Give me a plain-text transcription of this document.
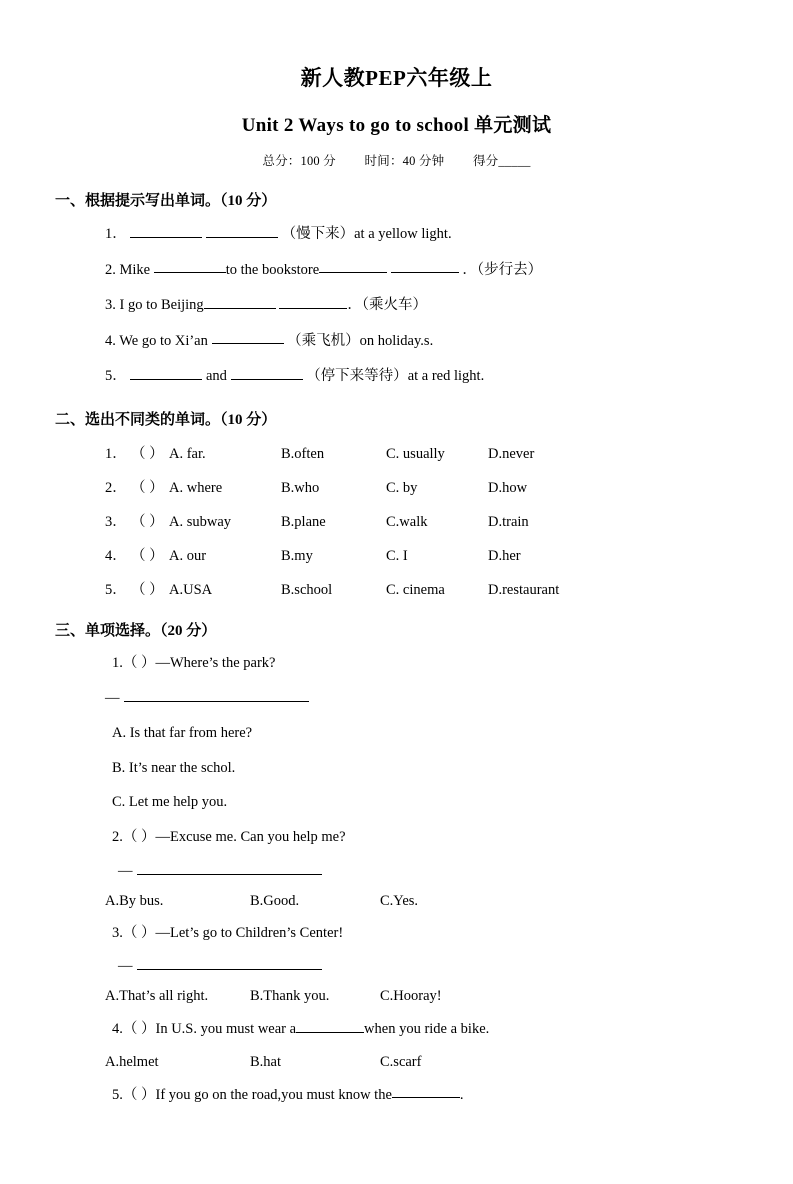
新人教PEP六年级上
Unit 2 Ways to go to school 单元测试
总分：100 分 时间：40 分钟 得分_____
一、根据提示写出单词。（10 分）
1．	（慢下来）at a yellow light.
2. Mike	to the bookstore	．（步行去）
3. I go to Beijing	．（乘火车）
4. We go to Xi’an	（乘飞机）on holiday.s.
5．	and	（停下来等待）at a red light.
二、选出不同类的单词。（10 分）
1． （ ） A. far.	B.often	C. usually	D.never
2． （ ） A. where	B.who	C. by	D.how
3． （ ） A. subway	B.plane	C.walk	D.train
4． （ ） A. our	B.my	C. I	D.her
5． （ ） A.USA	B.school	C. cinema	D.restaurant
三、单项选择。（20 分）
1.（ ）—Where’s the park?
—
A. Is that far from here?
B. It’s near the schol.
C. Let me help you.
2.（ ）—Excuse me. Can you help me?
—
A.By bus.	B.Good.	C.Yes.
3.（ ）—Let’s go to Children’s Center!
—
A.That’s all right.	B.Thank you.	C.Hooray!
4.（ ）In U.S. you must wear a	when you ride a bike.
A.helmet	B.hat	C.scarf
5.（ ）If you go on the road,you must know the	.
